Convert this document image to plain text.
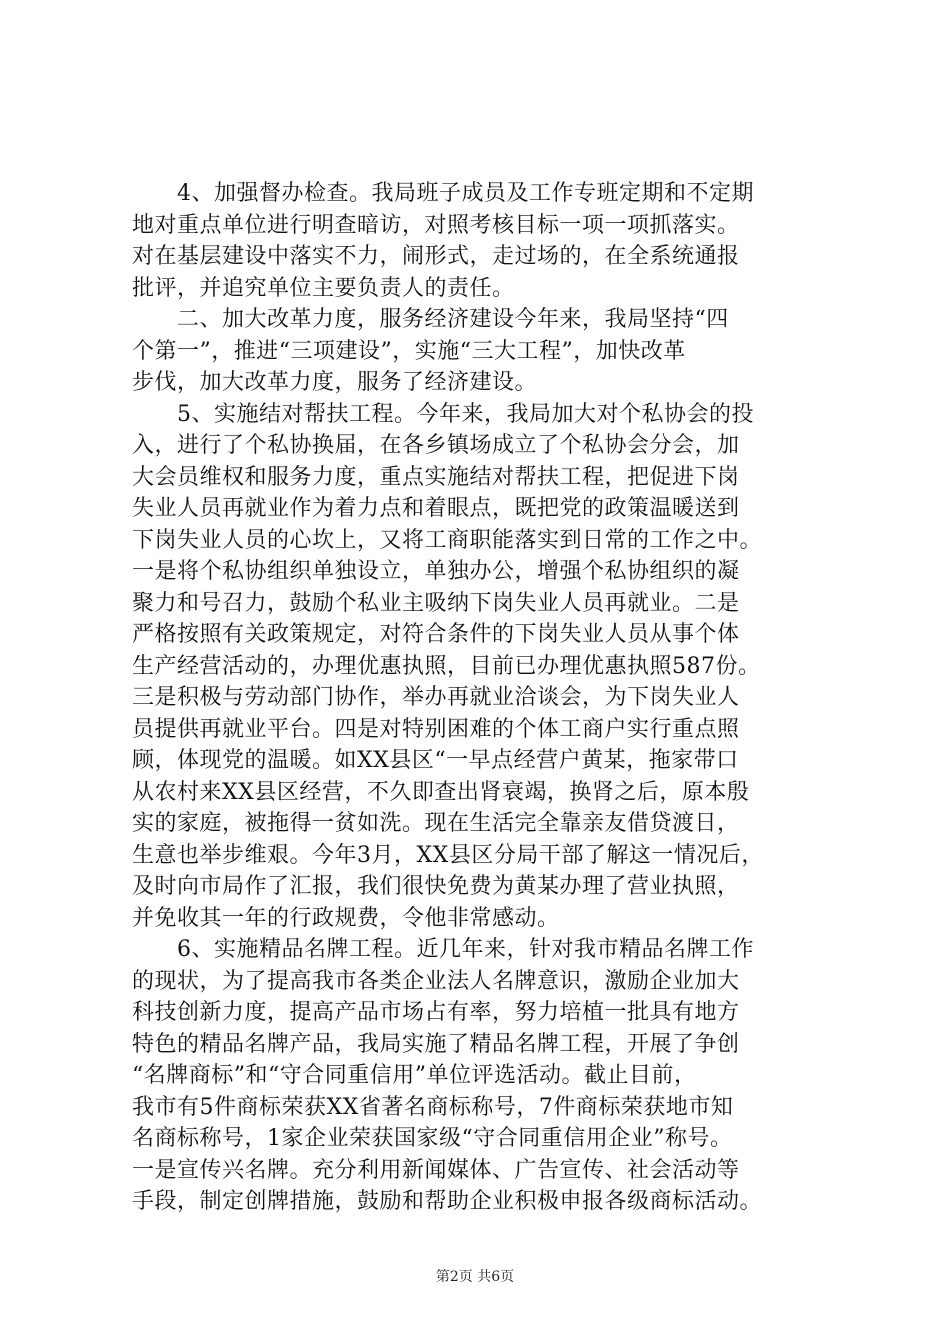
　　4、加强督办检查。我局班子成员及工作专班定期和不定期
地对重点单位进行明查暗访，对照考核目标一项一项抓落实。
对在基层建设中落实不力，闹形式，走过场的，在全系统通报
批评，并追究单位主要负责人的责任。
　　二、加大改革力度，服务经济建设今年来，我局坚持“四
个第一”，推进“三项建设”，实施“三大工程”，加快改革
步伐，加大改革力度，服务了经济建设。
　　5、实施结对帮扶工程。今年来，我局加大对个私协会的投
入，进行了个私协换届，在各乡镇场成立了个私协会分会，加
大会员维权和服务力度，重点实施结对帮扶工程，把促进下岗
失业人员再就业作为着力点和着眼点，既把党的政策温暖送到
下岗失业人员的心坎上，又将工商职能落实到日常的工作之中。
一是将个私协组织单独设立，单独办公，增强个私协组织的凝
聚力和号召力，鼓励个私业主吸纳下岗失业人员再就业。二是
严格按照有关政策规定，对符合条件的下岗失业人员从事个体
生产经营活动的，办理优惠执照，目前已办理优惠执照587份。
三是积极与劳动部门协作，举办再就业洽谈会，为下岗失业人
员提供再就业平台。四是对特别困难的个体工商户实行重点照
顾，体现党的温暖。如XX县区“一早点经营户黄某，拖家带口
从农村来XX县区经营，不久即查出肾衰竭，换肾之后，原本殷
实的家庭，被拖得一贫如洗。现在生活完全靠亲友借贷渡日，
生意也举步维艰。今年3月，XX县区分局干部了解这一情况后，
及时向市局作了汇报，我们很快免费为黄某办理了营业执照，
并免收其一年的行政规费，令他非常感动。
　　6、实施精品名牌工程。近几年来，针对我市精品名牌工作
的现状，为了提高我市各类企业法人名牌意识，激励企业加大
科技创新力度，提高产品市场占有率，努力培植一批具有地方
特色的精品名牌产品，我局实施了精品名牌工程，开展了争创
“名牌商标”和“守合同重信用”单位评选活动。截止目前，
我市有5件商标荣获XX省著名商标称号，7件商标荣获地市知
名商标称号，1家企业荣获国家级“守合同重信用企业”称号。
一是宣传兴名牌。充分利用新闻媒体、广告宣传、社会活动等
手段，制定创牌措施，鼓励和帮助企业积极申报各级商标活动。
第2页 共6页
